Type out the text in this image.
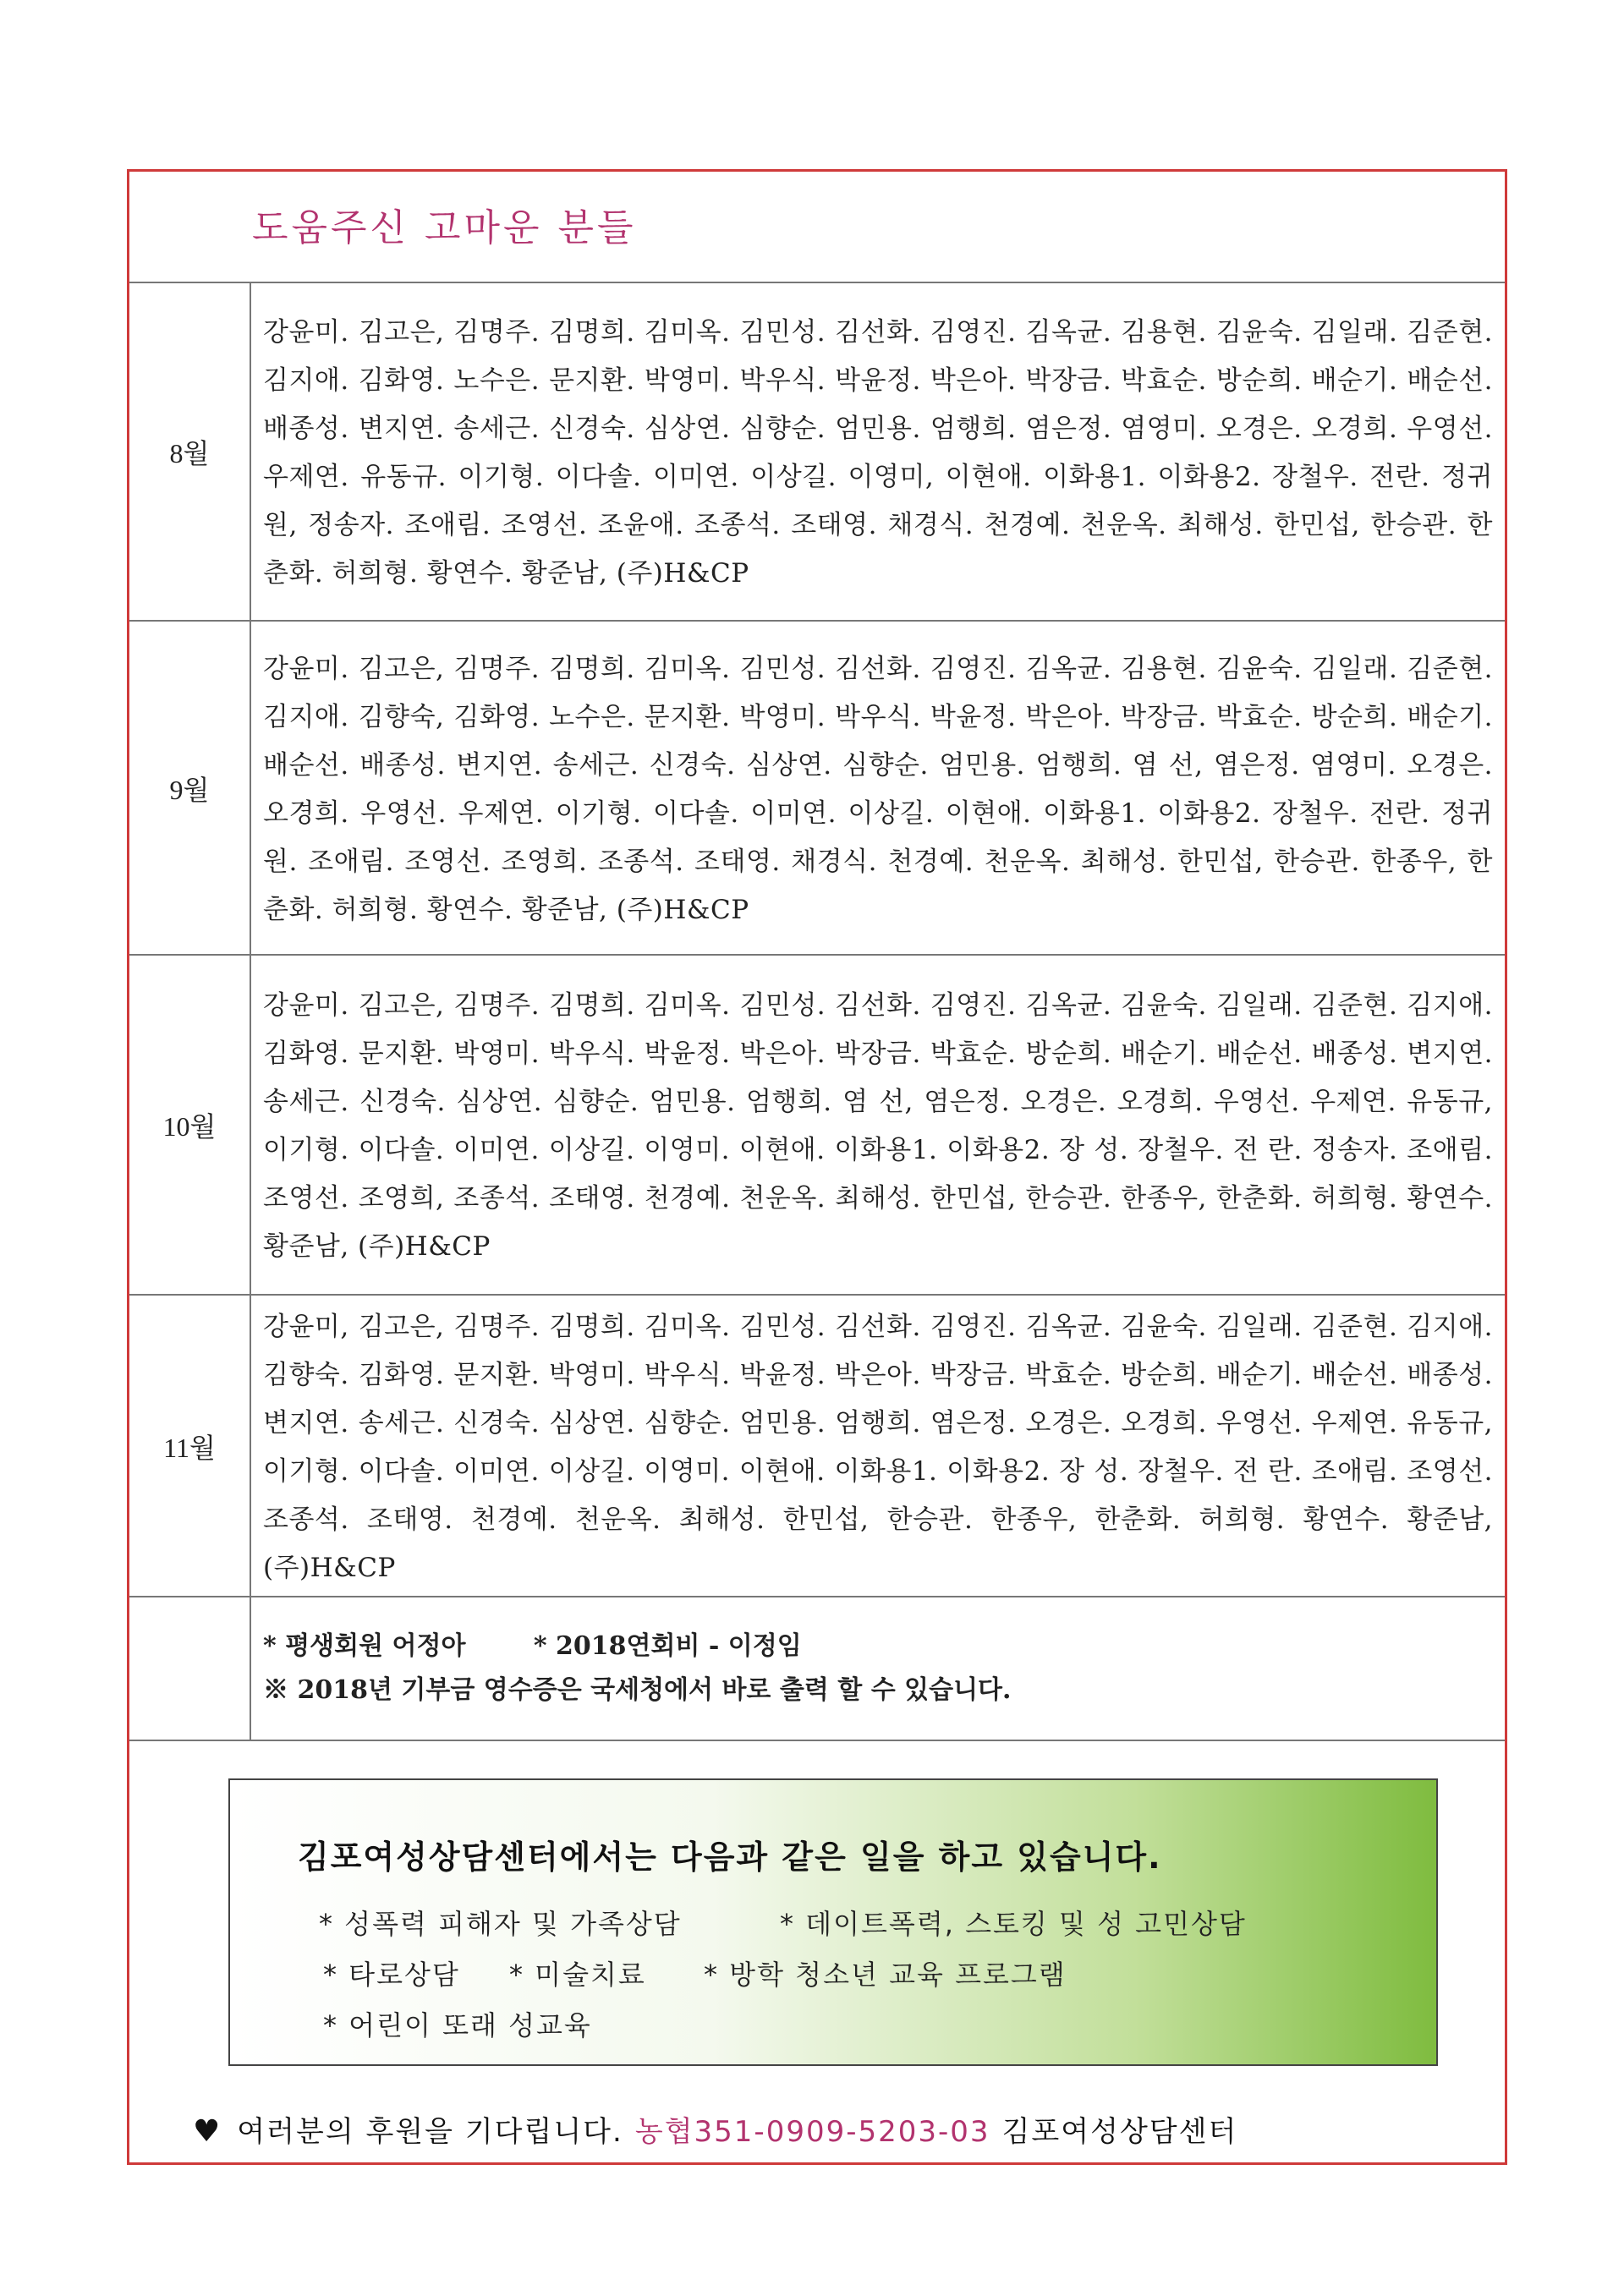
도움주신 고마운 분들
8월	강윤미. 김고은, 김명주. 김명희. 김미옥. 김민성. 김선화. 김영진. 김옥균. 김용현. 김윤숙. 김일래. 김준현. 김지애. 김화영. 노수은. 문지환. 박영미. 박우식. 박윤정. 박은아. 박장금. 박효순. 방순희. 배순기. 배순선. 배종성. 변지연. 송세근. 신경숙. 심상연. 심향순. 엄민용. 엄행희. 염은정. 염영미. 오경은. 오경희. 우영선. 우제연. 유동규. 이기형. 이다솔. 이미연. 이상길. 이영미, 이현애. 이화용1. 이화용2. 장철우. 전란. 정귀원, 정송자. 조애림. 조영선. 조윤애. 조종석. 조태영. 채경식. 천경예. 천운옥. 최해성. 한민섭, 한승관. 한춘화. 허희형. 황연수. 황준남, (주)H&CP
9월	강윤미. 김고은, 김명주. 김명희. 김미옥. 김민성. 김선화. 김영진. 김옥균. 김용현. 김윤숙. 김일래. 김준현. 김지애. 김향숙, 김화영. 노수은. 문지환. 박영미. 박우식. 박윤정. 박은아. 박장금. 박효순. 방순희. 배순기. 배순선. 배종성. 변지연. 송세근. 신경숙. 심상연. 심향순. 엄민용. 엄행희. 염 선, 염은정. 염영미. 오경은. 오경희. 우영선. 우제연. 이기형. 이다솔. 이미연. 이상길. 이현애. 이화용1. 이화용2. 장철우. 전란. 정귀원. 조애림. 조영선. 조영희. 조종석. 조태영. 채경식. 천경예. 천운옥. 최해성. 한민섭, 한승관. 한종우, 한춘화. 허희형. 황연수. 황준남, (주)H&CP
10월	강윤미. 김고은, 김명주. 김명희. 김미옥. 김민성. 김선화. 김영진. 김옥균. 김윤숙. 김일래. 김준현. 김지애. 김화영. 문지환. 박영미. 박우식. 박윤정. 박은아. 박장금. 박효순. 방순희. 배순기. 배순선. 배종성. 변지연. 송세근. 신경숙. 심상연. 심향순. 엄민용. 엄행희. 염 선, 염은정. 오경은. 오경희. 우영선. 우제연. 유동규, 이기형. 이다솔. 이미연. 이상길. 이영미. 이현애. 이화용1. 이화용2. 장 성. 장철우. 전 란. 정송자. 조애림. 조영선. 조영희, 조종석. 조태영. 천경예. 천운옥. 최해성. 한민섭, 한승관. 한종우, 한춘화. 허희형. 황연수. 황준남, (주)H&CP
11월	강윤미, 김고은, 김명주. 김명희. 김미옥. 김민성. 김선화. 김영진. 김옥균. 김윤숙. 김일래. 김준현. 김지애. 김향숙. 김화영. 문지환. 박영미. 박우식. 박윤정. 박은아. 박장금. 박효순. 방순희. 배순기. 배순선. 배종성. 변지연. 송세근. 신경숙. 심상연. 심향순. 엄민용. 엄행희. 염은정. 오경은. 오경희. 우영선. 우제연. 유동규, 이기형. 이다솔. 이미연. 이상길. 이영미. 이현애. 이화용1. 이화용2. 장 성. 장철우. 전 란. 조애림. 조영선. 조종석. 조태영. 천경예. 천운옥. 최해성. 한민섭, 한승관. 한종우, 한춘화. 허희형. 황연수. 황준남, (주)H&CP

	* 평생회원 어정아 * 2018연회비 - 이정임
※ 2018년 기부금 영수증은 국세청에서 바로 출력 할 수 있습니다.
김포여성상담센터에서는 다음과 같은 일을 하고 있습니다.
* 성폭력 피해자 및 가족상담	* 데이트폭력, 스토킹 및 성 고민상담
* 타로상담 * 미술치료 * 방학 청소년 교육 프로그램
* 어린이 또래 성교육
♥ 여러분의 후원을 기다립니다. 농협351-0909-5203-03 김포여성상담센터
